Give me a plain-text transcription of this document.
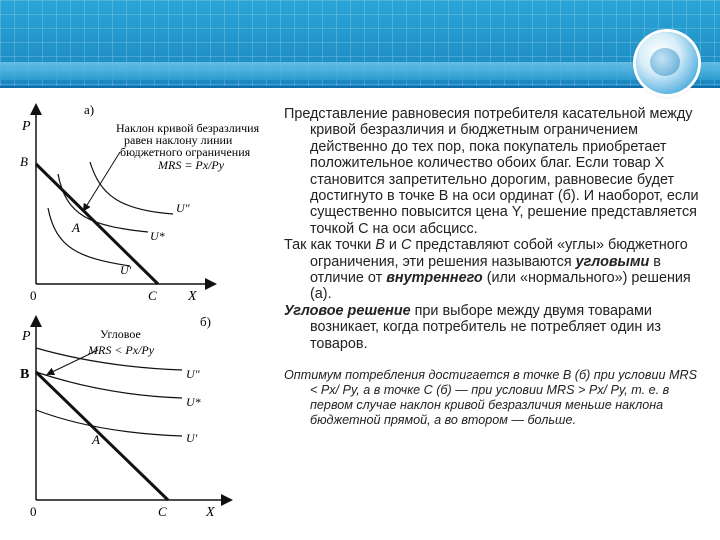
P
X
0
B
C
A
а)
Наклон кривой безразличия
равен наклону линии
бюджетного ограничения
MRS = Px/Py
U"
U*
U'
P
X
0
B
C
A
б)
Угловое
MRS < Px/Py
U"
U*
U'

Представление равновесия потребителя касательной между кривой безразличия и бюджетным ограничением действенно до тех пор, пока покупатель приобретает положительное количество обоих благ. Если товар X становится запретительно дорогим, равновесие будет достигнуто в точке B на оси ординат (б). И наоборот, если существенно повысится цена Y, решение представляется точкой С на оси абсцисс.

Так как точки B и С представляют собой «углы» бюджетного ограничения, эти решения называются угловыми в отличие от внутреннего (или «нормального») решения (а).

Угловое решение при выборе между двумя товарами возникает, когда потребитель не потребляет один из товаров.

Оптимум потребления достигается в точке В (б) при условии MRS < Px/ Py, а в точке С (б) — при условии MRS > Px/ Py, т. е. в первом случае наклон кривой безразличия меньше наклона бюджетной прямой, а во втором — больше.
